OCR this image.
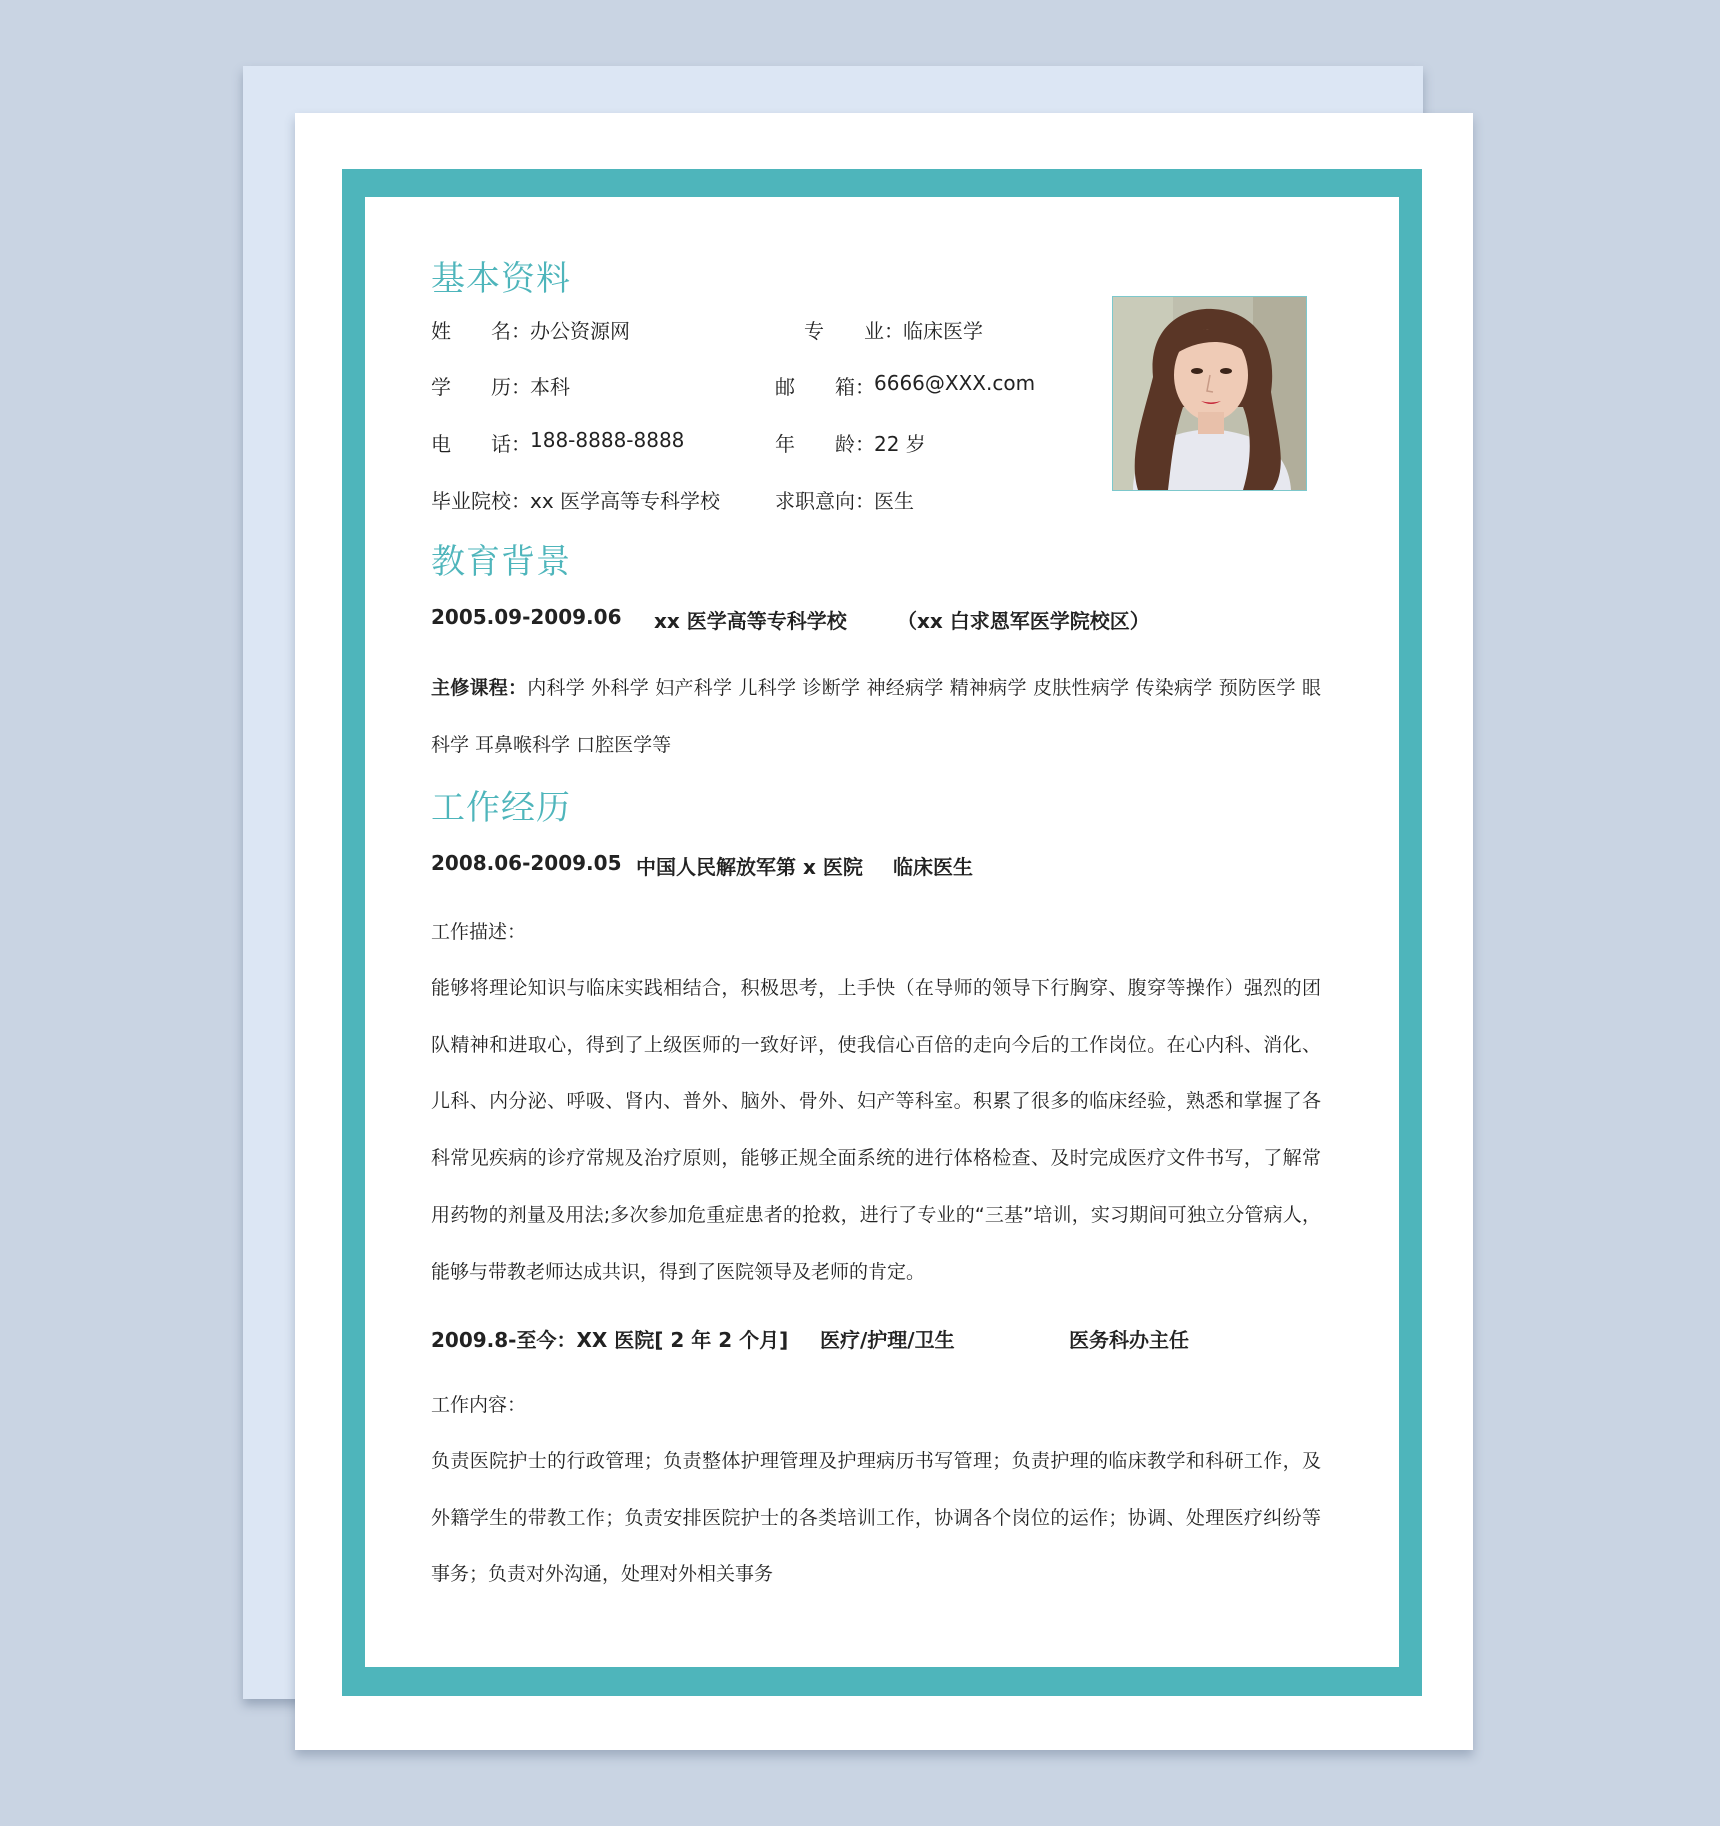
基本资料
姓　　名： 办公资源网	专　　业： 临床医学
学　　历： 本科	邮　　箱： 6666@XXX.com
电　　话： 188-8888-8888	年　　龄： 22 岁
毕业院校： xx 医学高等专科学校	求职意向： 医生
教育背景
2005.09-2009.06 xx 医学高等专科学校	（xx 白求恩军医学院校区）
主修课程：内科学 外科学 妇产科学 儿科学 诊断学 神经病学 精神病学 皮肤性病学 传染病学 预防医学 眼科学 耳鼻喉科学 口腔医学等
工作经历
2008.06-2009.05 中国人民解放军第 x 医院 临床医生
工作描述：
能够将理论知识与临床实践相结合，积极思考，上手快（在导师的领导下行胸穿、腹穿等操作）强烈的团队精神和进取心，得到了上级医师的一致好评，使我信心百倍的走向今后的工作岗位。在心内科、消化、儿科、内分泌、呼吸、肾内、普外、脑外、骨外、妇产等科室。积累了很多的临床经验，熟悉和掌握了各科常见疾病的诊疗常规及治疗原则，能够正规全面系统的进行体格检查、及时完成医疗文件书写，了解常用药物的剂量及用法;多次参加危重症患者的抢救，进行了专业的“三基”培训，实习期间可独立分管病人，能够与带教老师达成共识，得到了医院领导及老师的肯定。
2009.8-至今：XX 医院[ 2 年 2 个月] 医疗/护理/卫生	医务科办主任
工作内容：
负责医院护士的行政管理；负责整体护理管理及护理病历书写管理；负责护理的临床教学和科研工作，及外籍学生的带教工作；负责安排医院护士的各类培训工作，协调各个岗位的运作；协调、处理医疗纠纷等事务；负责对外沟通，处理对外相关事务
